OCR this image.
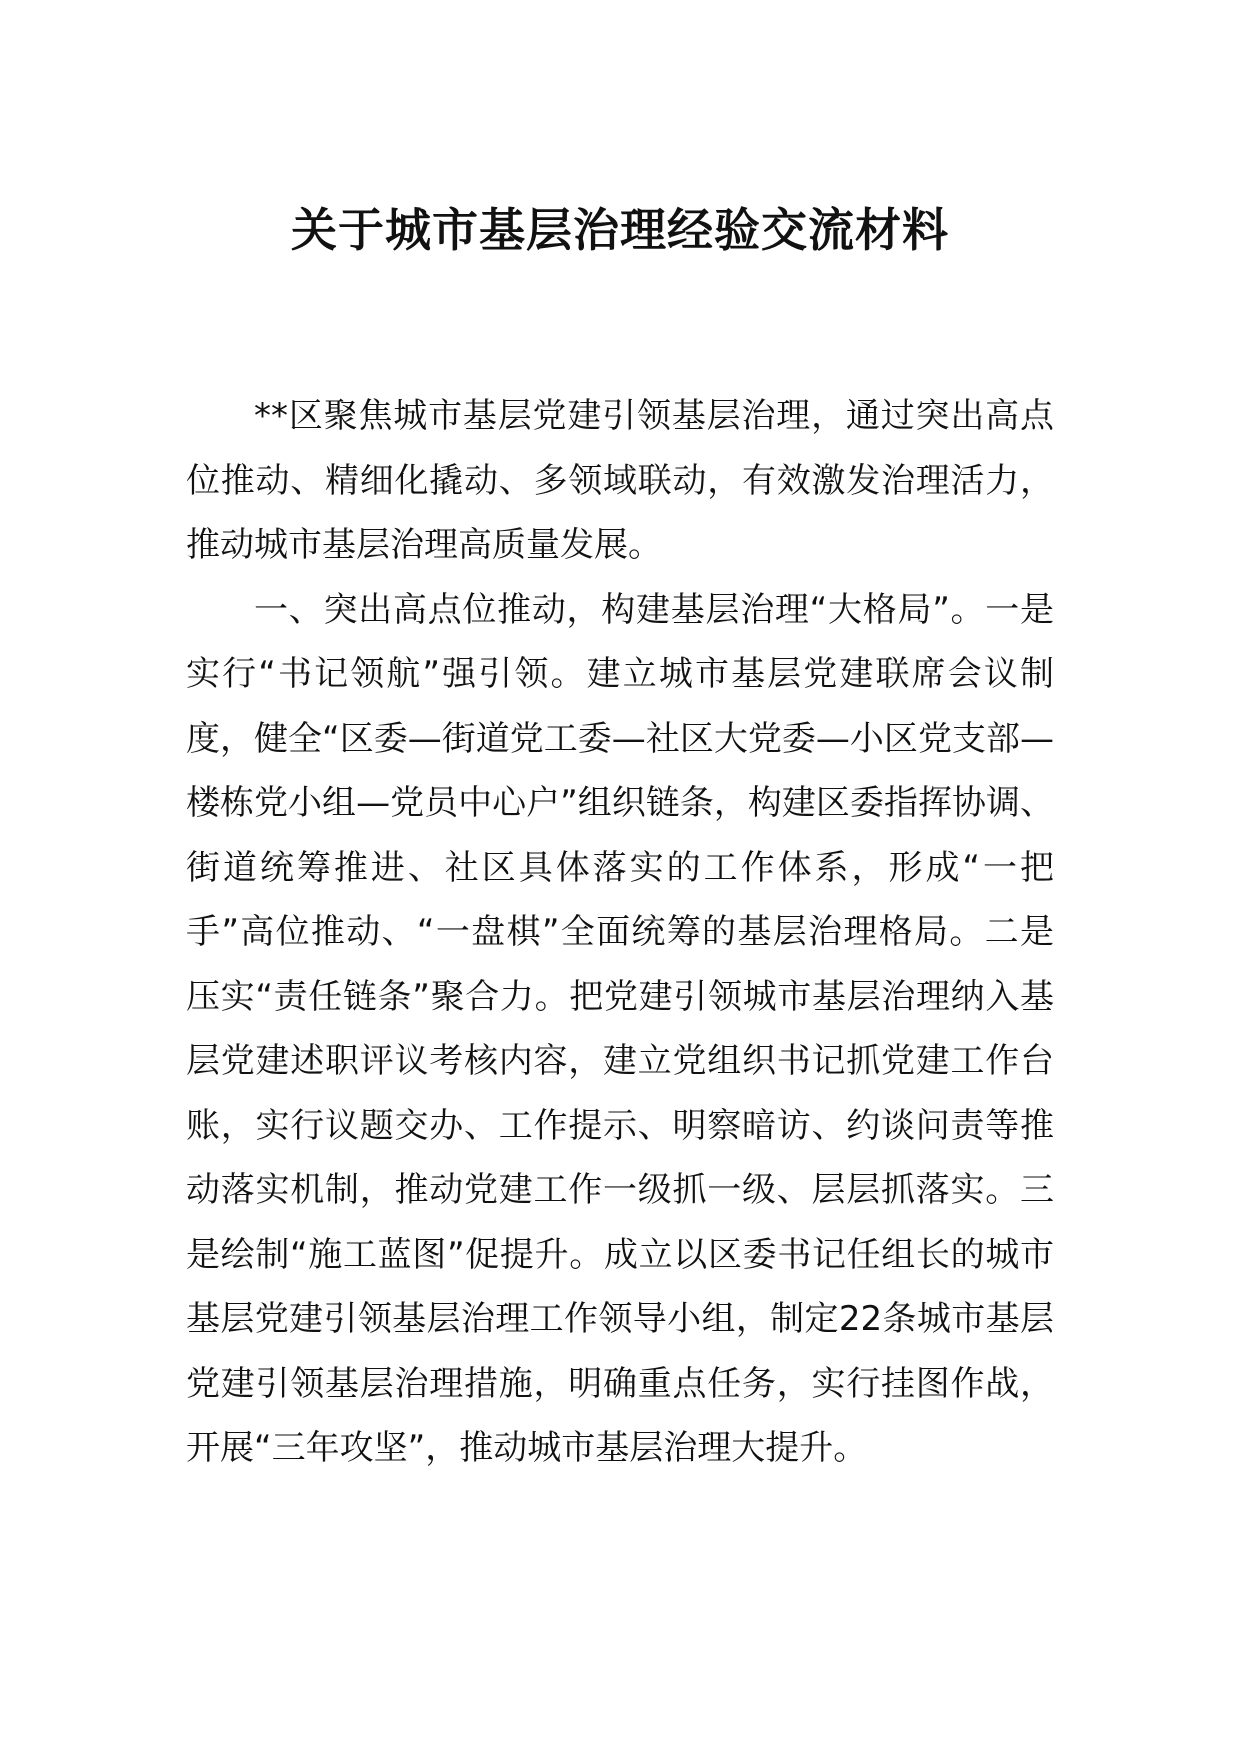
关于城市基层治理经验交流材料

**区聚焦城市基层党建引领基层治理，通过突出高点位推动、精细化撬动、多领域联动，有效激发治理活力，推动城市基层治理高质量发展。

一、突出高点位推动，构建基层治理“大格局”。一是实行“书记领航”强引领。建立城市基层党建联席会议制度，健全“区委—街道党工委—社区大党委—小区党支部—楼栋党小组—党员中心户”组织链条，构建区委指挥协调、街道统筹推进、社区具体落实的工作体系，形成“一把手”高位推动、“一盘棋”全面统筹的基层治理格局。二是压实“责任链条”聚合力。把党建引领城市基层治理纳入基层党建述职评议考核内容，建立党组织书记抓党建工作台账，实行议题交办、工作提示、明察暗访、约谈问责等推动落实机制，推动党建工作一级抓一级、层层抓落实。三是绘制“施工蓝图”促提升。成立以区委书记任组长的城市基层党建引领基层治理工作领导小组，制定22条城市基层党建引领基层治理措施，明确重点任务，实行挂图作战，开展“三年攻坚”，推动城市基层治理大提升。
